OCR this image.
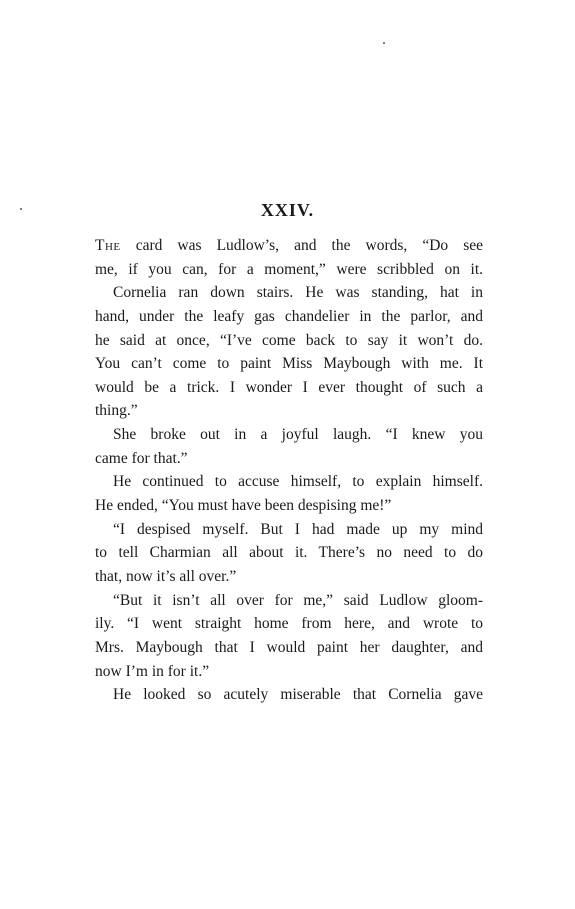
XXIV.
The card was Ludlow’s, and the words, “Do see
me, if you can, for a moment,” were scribbled on it.
Cornelia ran down stairs. He was standing, hat in
hand, under the leafy gas chandelier in the parlor, and
he said at once, “I’ve come back to say it won’t do.
You can’t come to paint Miss Maybough with me. It
would be a trick. I wonder I ever thought of such a
thing.”
She broke out in a joyful laugh. “I knew you
came for that.”
He continued to accuse himself, to explain himself.
He ended, “You must have been despising me!”
“I despised myself. But I had made up my mind
to tell Charmian all about it. There’s no need to do
that, now it’s all over.”
“But it isn’t all over for me,” said Ludlow gloom-
ily. “I went straight home from here, and wrote to
Mrs. Maybough that I would paint her daughter, and
now I’m in for it.”
He looked so acutely miserable that Cornelia gave
